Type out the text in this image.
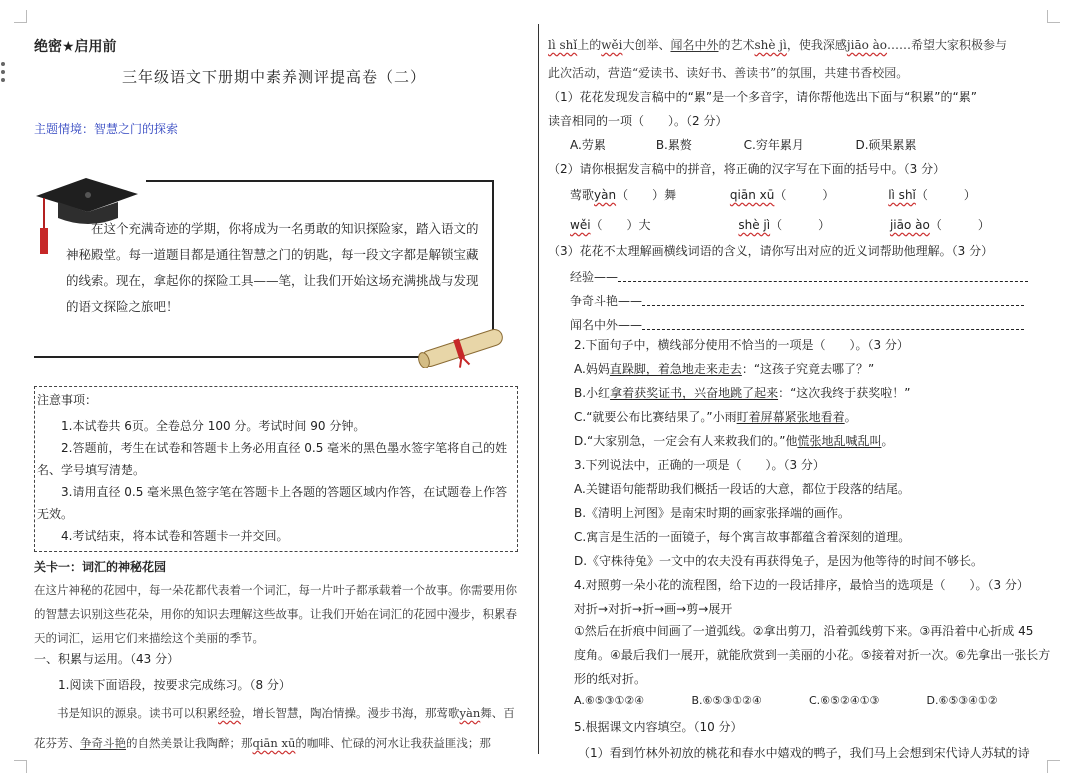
绝密★启用前
三年级语文下册期中素养测评提高卷（二）
主题情境：智慧之门的探索
在这个充满奇迹的学期，你将成为一名勇敢的知识探险家，踏入语文的神秘殿堂。每一道题目都是通往智慧之门的钥匙，每一段文字都是解锁宝藏的线索。现在，拿起你的探险工具——笔，让我们开始这场充满挑战与发现的语文探险之旅吧！
注意事项：

1.本试卷共 6页。全卷总分 100 分。考试时间 90 分钟。

2.答题前，考生在试卷和答题卡上务必用直径 0.5 毫米的黑色墨水签字笔将自己的姓名、学号填写清楚。

3.请用直径 0.5 毫米黑色签字笔在答题卡上各题的答题区域内作答，在试题卷上作答无效。

4.考试结束，将本试卷和答题卡一并交回。

关卡一：词汇的神秘花园
在这片神秘的花园中，每一朵花都代表着一个词汇，每一片叶子都承载着一个故事。你需要用你的智慧去识别这些花朵，用你的知识去理解这些故事。让我们开始在词汇的花园中漫步，积累春天的词汇，运用它们来描绘这个美丽的季节。
一、积累与运用。（43 分）
1.阅读下面语段，按要求完成练习。（8 分）
书是知识的源泉。读书可以积累经验，增长智慧，陶冶情操。漫步书海，那莺歌yàn舞、百花芬芳、争奇斗艳的自然美景让我陶醉；那qiān xū的咖啡、忙碌的河水让我获益匪浅；那
lì shǐ上的wěi大创举、闻名中外的艺术shè jì，使我深感jiāo ào……希望大家积极参与
此次活动，营造“爱读书、读好书、善读书”的氛围，共建书香校园。
（1）花花发现发言稿中的“累”是一个多音字，请你帮他选出下面与“积累”的“累”
读音相同的一项（　　）。（2 分）
A.劳累	B.累赘	C.穷年累月	D.硕果累累
（2）请你根据发言稿中的拼音，将正确的汉字写在下面的括号中。（3 分）
莺歌yàn（　　）舞	qiān xū（　　　）	lì shǐ（　　　）
wěi（　　）大	shè jì（　　　）	jiāo ào（　　　）
（3）花花不太理解画横线词语的含义，请你写出对应的近义词帮助他理解。（3 分）
经验——
争奇斗艳——
闻名中外——
2.下面句子中，横线部分使用不恰当的一项是（　　）。（3 分）
A.妈妈直跺脚，着急地走来走去：“这孩子究竟去哪了？”
B.小红拿着获奖证书，兴奋地跳了起来：“这次我终于获奖啦！”
C.“就要公布比赛结果了。”小雨盯着屏幕紧张地看着。
D.“大家别急，一定会有人来救我们的。”他慌张地乱喊乱叫。
3.下列说法中，正确的一项是（　　）。（3 分）
A.关键语句能帮助我们概括一段话的大意，都位于段落的结尾。
B.《清明上河图》是南宋时期的画家张择端的画作。
C.寓言是生活的一面镜子，每个寓言故事都蕴含着深刻的道理。
D.《守株待兔》一文中的农夫没有再获得兔子，是因为他等待的时间不够长。
4.对照剪一朵小花的流程图，给下边的一段话排序，最恰当的选项是（　　）。（3 分）
对折→对折→折→画→剪→展开
①然后在折痕中间画了一道弧线。②拿出剪刀，沿着弧线剪下来。③再沿着中心折成 45
度角。④最后我们一展开，就能欣赏到一美丽的小花。⑤接着对折一次。⑥先拿出一张长方
形的纸对折。
A.⑥⑤③①②④	B.⑥⑤③①②④	C.⑥⑤②④①③	D.⑥⑤③④①②
5.根据课文内容填空。（10 分）
（1）看到竹林外初放的桃花和春水中嬉戏的鸭子，我们马上会想到宋代诗人苏轼的诗
